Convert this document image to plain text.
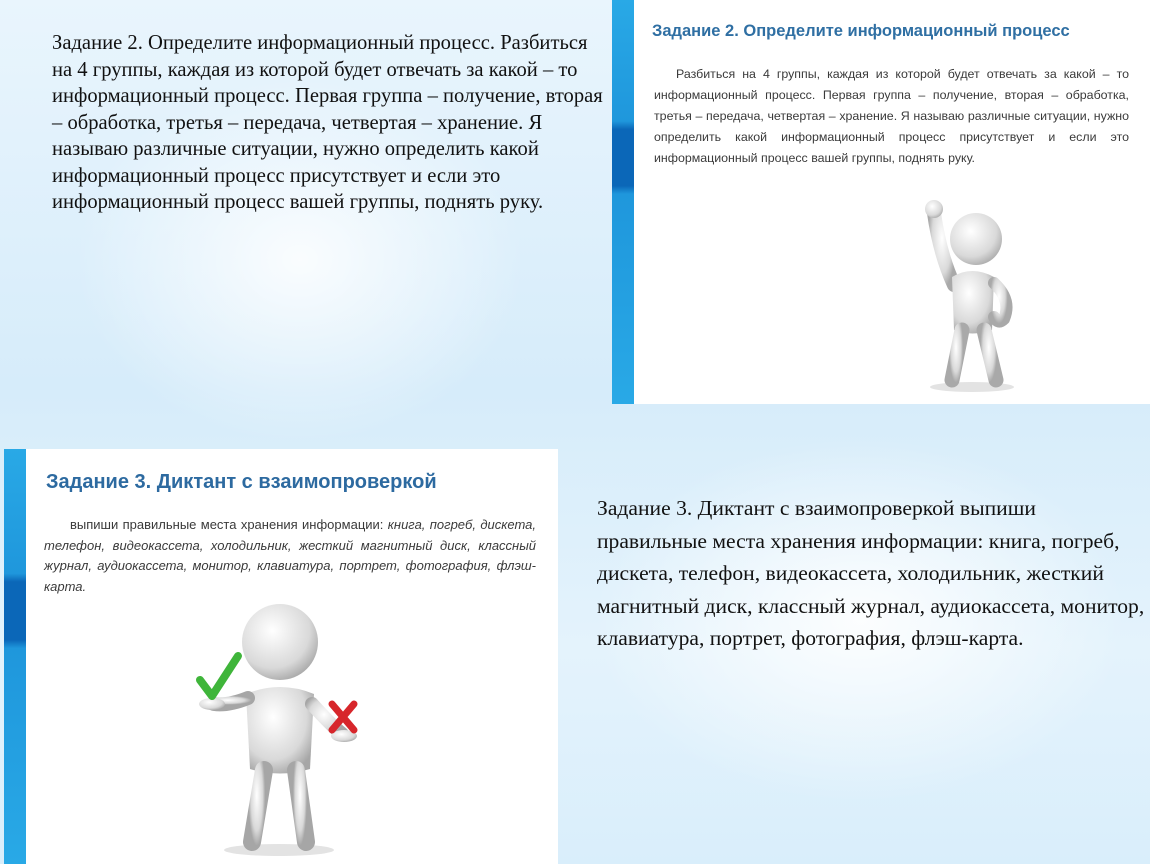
Задание 2. Определите информационный процесс. Разбиться на 4 группы, каждая из которой будет отвечать за какой – то информационный процесс. Первая группа – получение, вторая – обработка, третья – передача, четвертая – хранение. Я называю различные ситуации, нужно определить какой информационный процесс присутствует и если это информационный процесс вашей группы, поднять руку.
Задание 2. Определите информационный процесс
Разбиться на 4 группы, каждая из которой будет отвечать за какой – то информационный процесс. Первая группа – получение, вторая – обработка, третья – передача, четвертая – хранение. Я называю различные ситуации, нужно определить какой информационный процесс присутствует и если это информационный процесс вашей группы, поднять руку.
Задание 3. Диктант с взаимопроверкой
выпиши правильные места хранения информации: книга, погреб, дискета, телефон, видеокассета, холодильник, жесткий магнитный диск, классный журнал, аудиокассета, монитор, клавиатура, портрет, фотография, флэш-карта.
Задание 3. Диктант с взаимопроверкой выпиши правильные места хранения информации: книга, погреб, дискета, телефон, видеокассета, холодильник, жесткий магнитный диск, классный журнал, аудиокассета, монитор, клавиатура, портрет, фотография, флэш-карта.
